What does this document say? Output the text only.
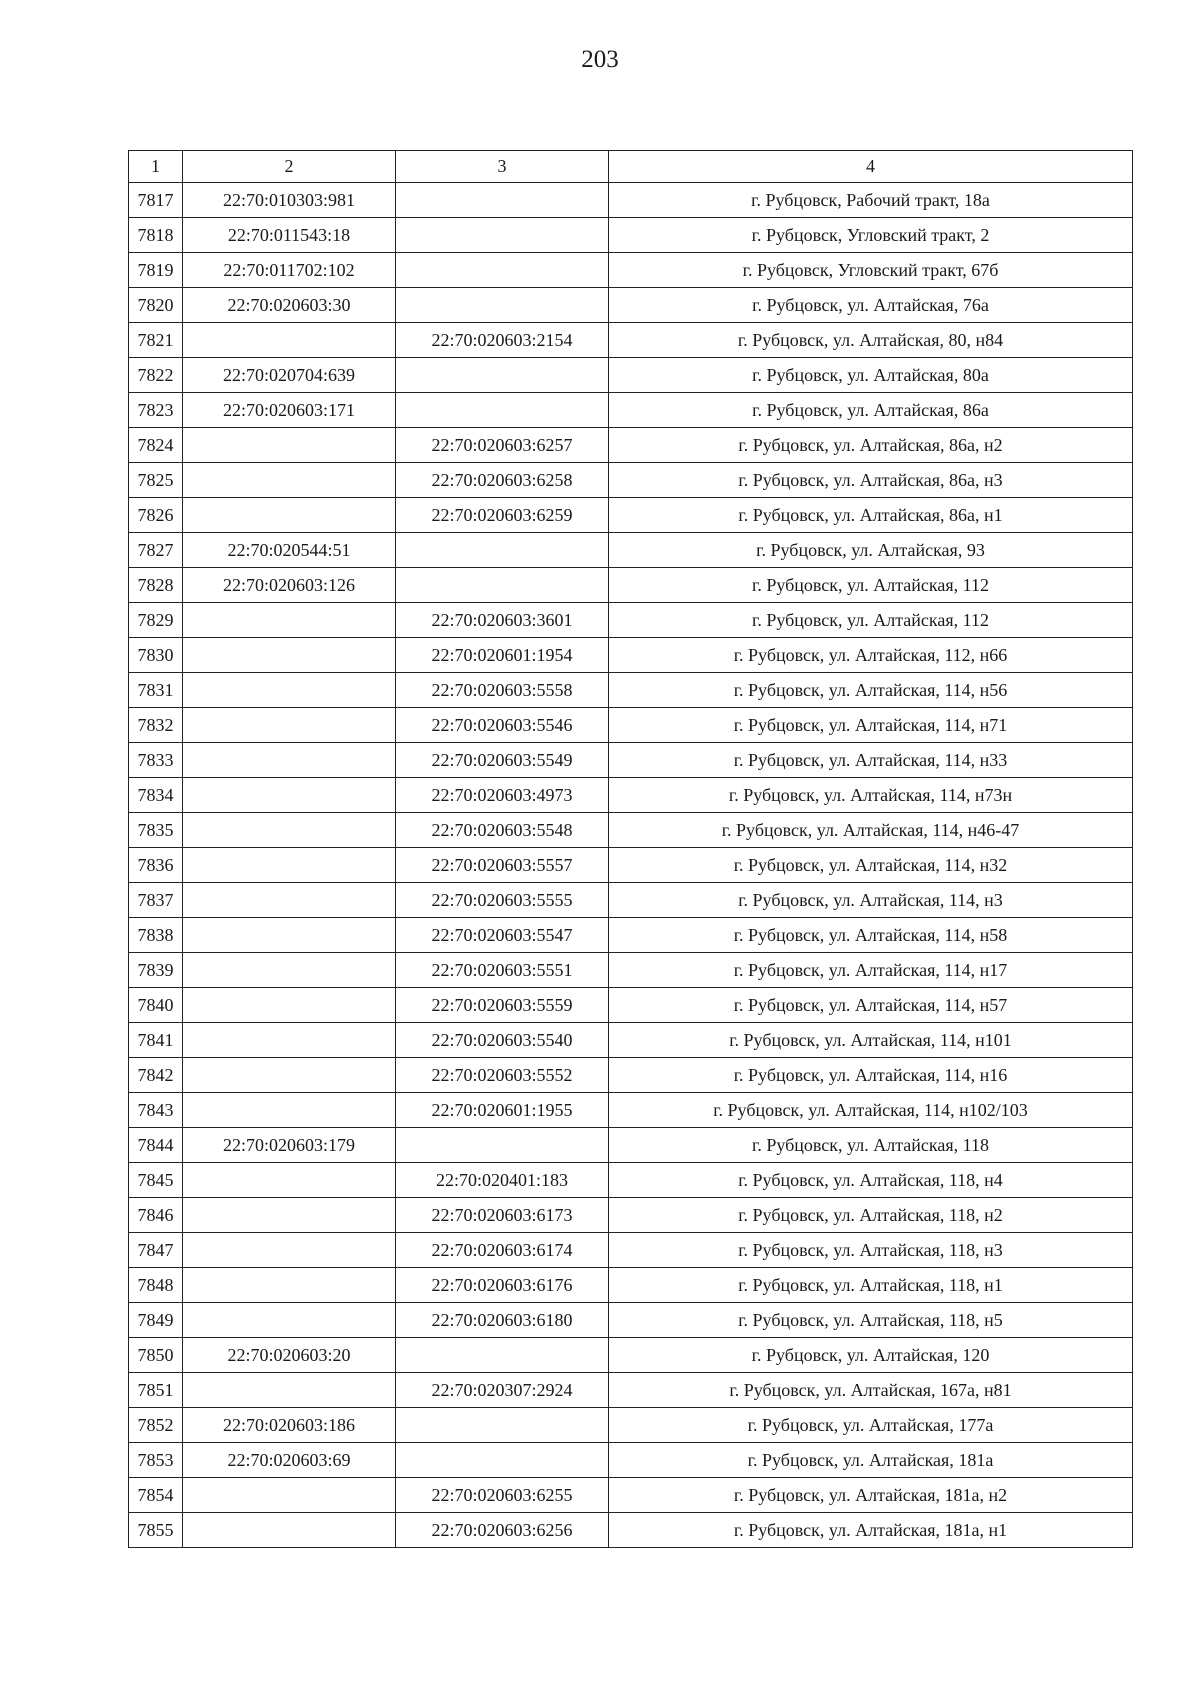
203
1	2	3	4
7817	22:70:010303:981		г. Рубцовск, Рабочий тракт, 18а
7818	22:70:011543:18		г. Рубцовск, Угловский тракт, 2
7819	22:70:011702:102		г. Рубцовск, Угловский тракт, 67б
7820	22:70:020603:30		г. Рубцовск, ул. Алтайская, 76а
7821		22:70:020603:2154	г. Рубцовск, ул. Алтайская, 80, н84
7822	22:70:020704:639		г. Рубцовск, ул. Алтайская, 80а
7823	22:70:020603:171		г. Рубцовск, ул. Алтайская, 86а
7824		22:70:020603:6257	г. Рубцовск, ул. Алтайская, 86а, н2
7825		22:70:020603:6258	г. Рубцовск, ул. Алтайская, 86а, н3
7826		22:70:020603:6259	г. Рубцовск, ул. Алтайская, 86а, н1
7827	22:70:020544:51		г. Рубцовск, ул. Алтайская, 93
7828	22:70:020603:126		г. Рубцовск, ул. Алтайская, 112
7829		22:70:020603:3601	г. Рубцовск, ул. Алтайская, 112
7830		22:70:020601:1954	г. Рубцовск, ул. Алтайская, 112, н66
7831		22:70:020603:5558	г. Рубцовск, ул. Алтайская, 114, н56
7832		22:70:020603:5546	г. Рубцовск, ул. Алтайская, 114, н71
7833		22:70:020603:5549	г. Рубцовск, ул. Алтайская, 114, н33
7834		22:70:020603:4973	г. Рубцовск, ул. Алтайская, 114, н73н
7835		22:70:020603:5548	г. Рубцовск, ул. Алтайская, 114, н46-47
7836		22:70:020603:5557	г. Рубцовск, ул. Алтайская, 114, н32
7837		22:70:020603:5555	г. Рубцовск, ул. Алтайская, 114, н3
7838		22:70:020603:5547	г. Рубцовск, ул. Алтайская, 114, н58
7839		22:70:020603:5551	г. Рубцовск, ул. Алтайская, 114, н17
7840		22:70:020603:5559	г. Рубцовск, ул. Алтайская, 114, н57
7841		22:70:020603:5540	г. Рубцовск, ул. Алтайская, 114, н101
7842		22:70:020603:5552	г. Рубцовск, ул. Алтайская, 114, н16
7843		22:70:020601:1955	г. Рубцовск, ул. Алтайская, 114, н102/103
7844	22:70:020603:179		г. Рубцовск, ул. Алтайская, 118
7845		22:70:020401:183	г. Рубцовск, ул. Алтайская, 118, н4
7846		22:70:020603:6173	г. Рубцовск, ул. Алтайская, 118, н2
7847		22:70:020603:6174	г. Рубцовск, ул. Алтайская, 118, н3
7848		22:70:020603:6176	г. Рубцовск, ул. Алтайская, 118, н1
7849		22:70:020603:6180	г. Рубцовск, ул. Алтайская, 118, н5
7850	22:70:020603:20		г. Рубцовск, ул. Алтайская, 120
7851		22:70:020307:2924	г. Рубцовск, ул. Алтайская, 167а, н81
7852	22:70:020603:186		г. Рубцовск, ул. Алтайская, 177а
7853	22:70:020603:69		г. Рубцовск, ул. Алтайская, 181а
7854		22:70:020603:6255	г. Рубцовск, ул. Алтайская, 181а, н2
7855		22:70:020603:6256	г. Рубцовск, ул. Алтайская, 181а, н1
